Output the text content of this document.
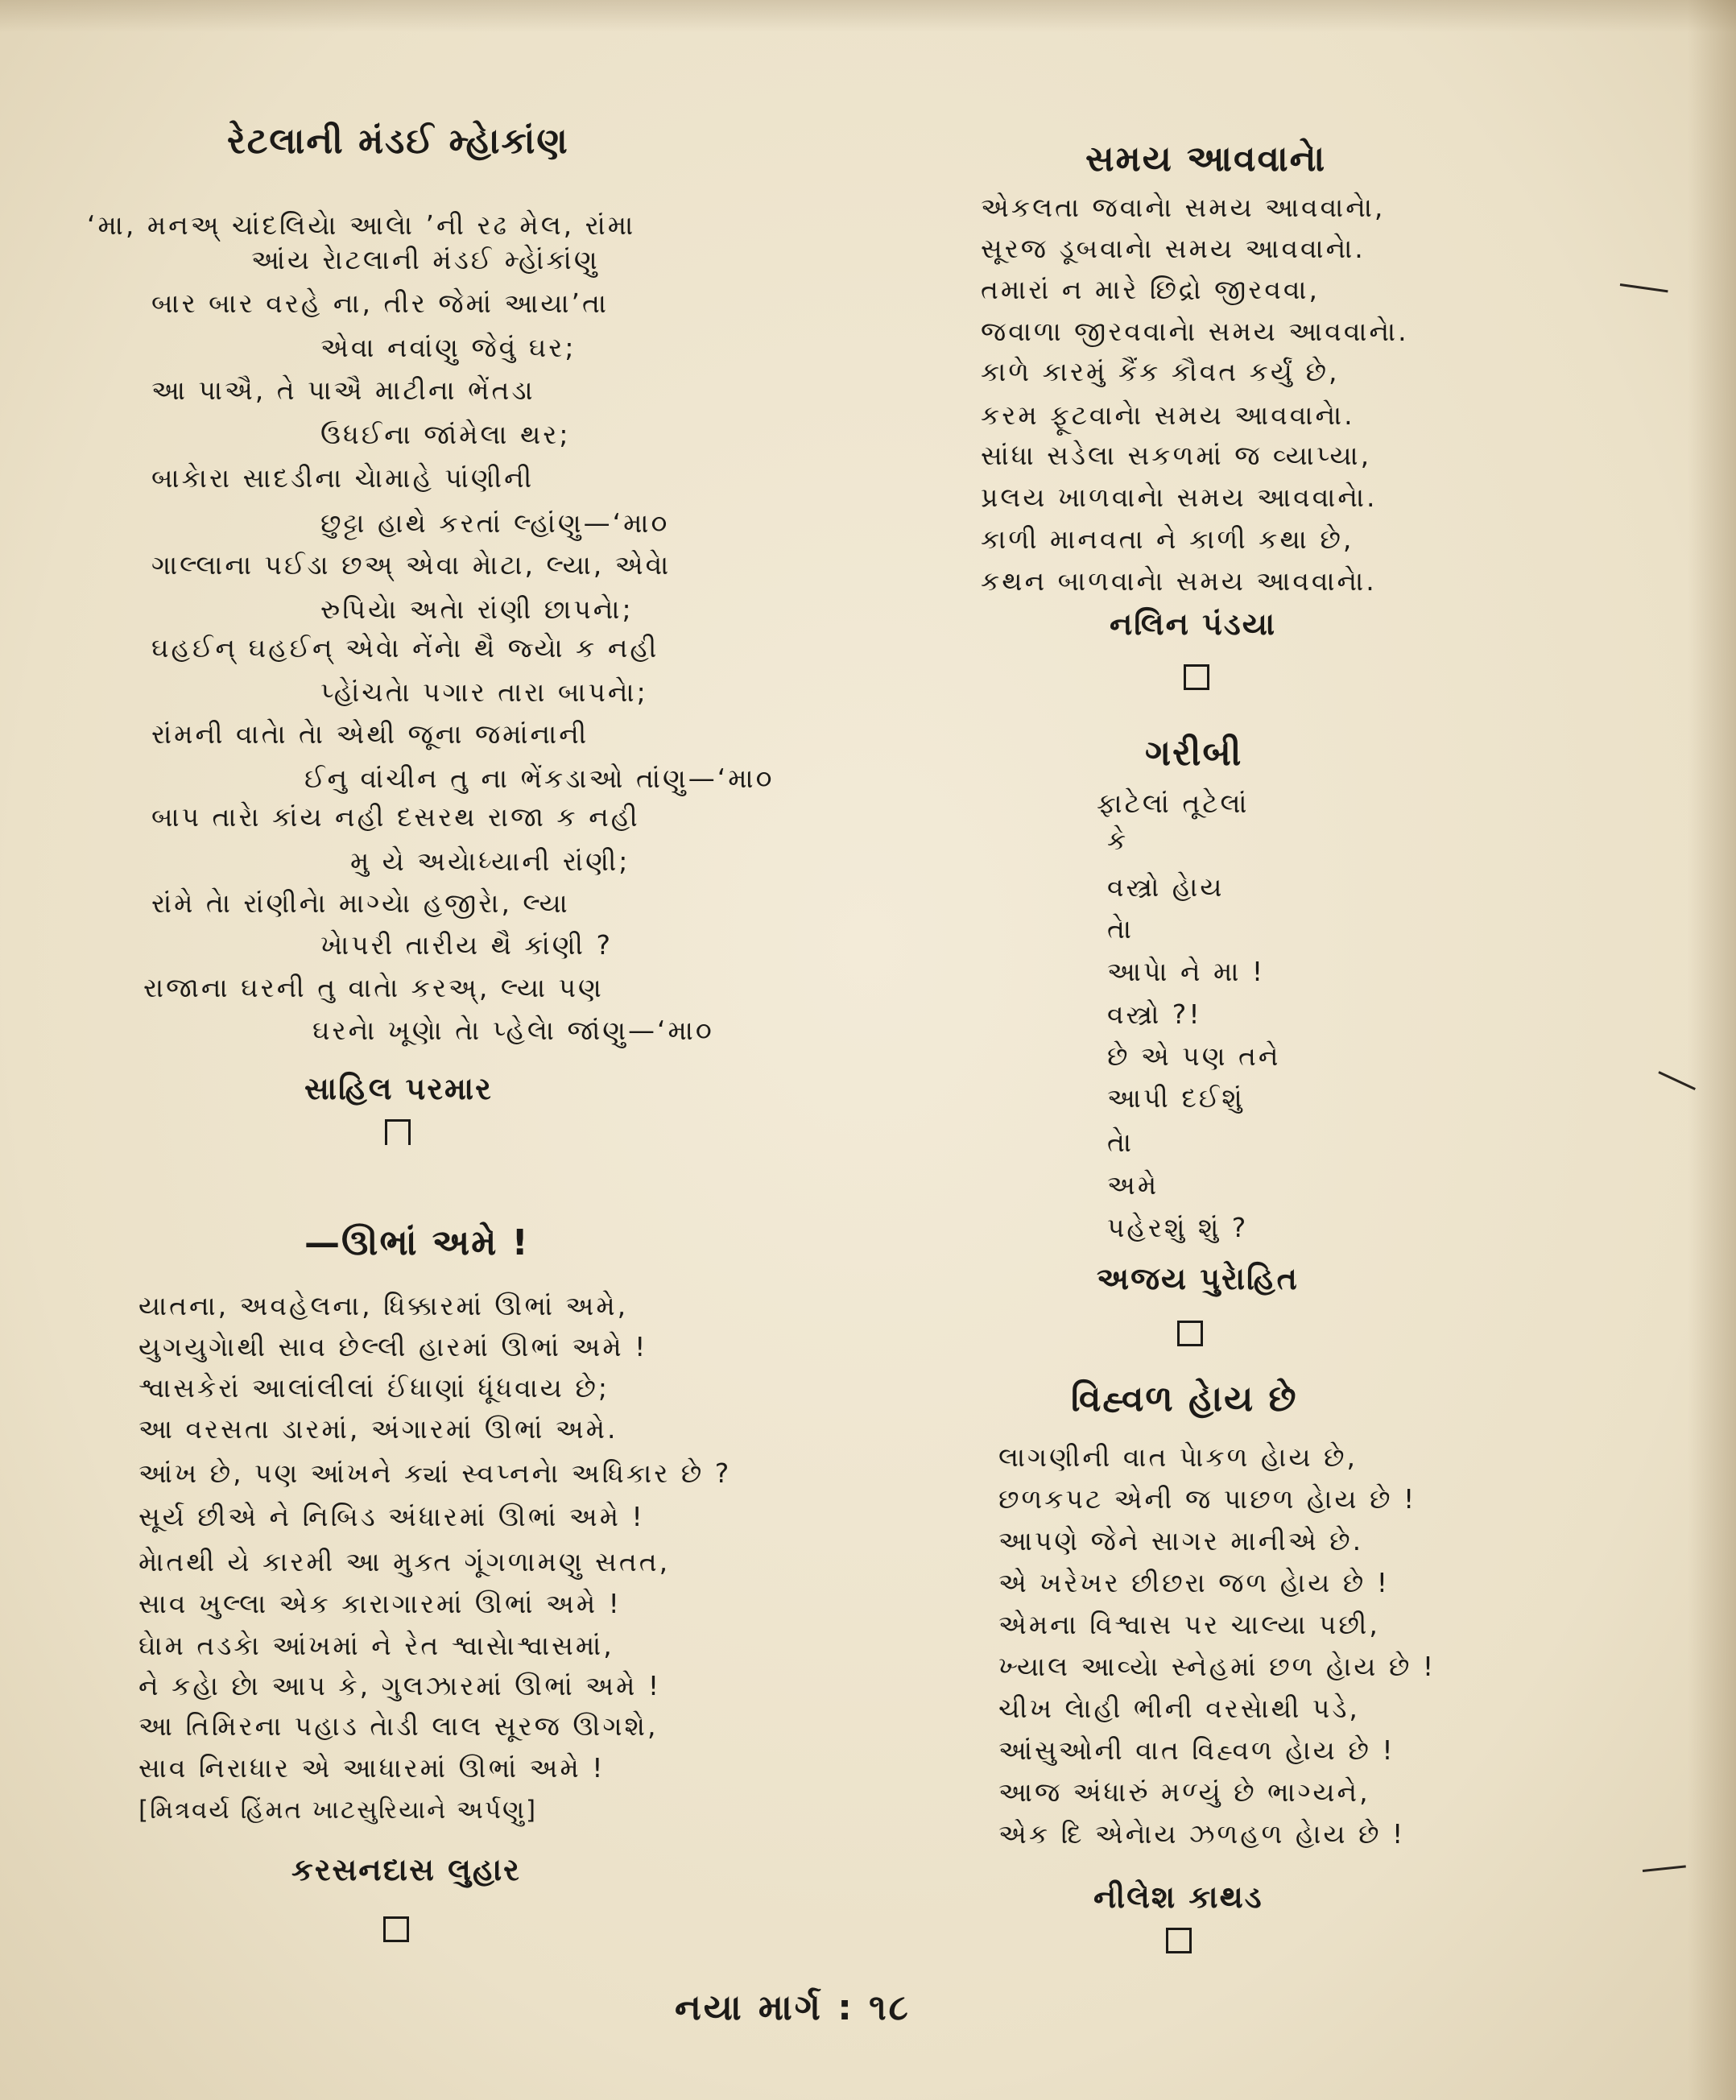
રેટલાની મંડઈ મ્હેાકાંણ
‘મા, મનઅ્ ચાંદલિયેા આલેા ’ની રઢ મેલ, રાંમા
આંય રેાટલાની મંડઈ મ્હેાંકાંણુ
બાર બાર વરહે ના, તીર જેમાં આયા’તા
એવા નવાંણુ જેવું ઘર;
આ પાઐ, તે પાઐ માટીના ભેંતડા
ઉધઈના જાંમેલા થર;
બાકેારા સાદડીના ચેામાહે પાંણીની
છુટ્ટા હાથે કરતાં લ્હાંણુ—‘મા૦
ગાલ્લાના પઈડા છઅ્ એવા મેાટા, લ્યા, એવેા
રુપિયેા અતેા રાંણી છાપનેા;
ઘહઈન્ ઘહઈન્ એવેા નેંનેા થૈ જ્યેા ક નહી
પ્હેાંચતેા પગાર તારા બાપનેા;
રાંમની વાતેા તેા એથી જૂના જમાંનાની
ઈનુ વાંચીન તુ ના ભેંકડાઓ તાંણુ—‘મા૦
બાપ તારેા કાંય નહી દસરથ રાજા ક નહી
મુ યે અયેાધ્યાની રાંણી;
રાંમે તેા રાંણીનેા માગ્યેા હજીરેા, લ્યા
ખેાપરી તારીય થૈ કાંણી ?
રાજાના ઘરની તુ વાતેા કરઅ્, લ્યા પણ
ઘરનેા ખૂણેા તેા પ્હેલેા જાંણુ—‘મા૦
સાહિલ પરમાર
—ઊભાં અમે !
યાતના, અવહેલના, ધિક્કારમાં ઊભાં અમે,
યુગયુગેાથી સાવ છેલ્લી હારમાં ઊભાં અમે !
શ્વાસકેરાં આલાંલીલાં ઈંધાણાં ધૂંધવાય છે;
આ વરસતા ડારમાં, અંગારમાં ઊભાં અમે.
આંખ છે, પણ આંખને ક્યાં સ્વપ્નનેા અધિકાર છે ?
સૂર્ય છીએ ને નિબિડ અંધારમાં ઊભાં અમે !
મેાતથી યે કારમી આ મુક્ત ગૂંગળામણુ સતત,
સાવ ખુલ્લા એક કારાગારમાં ઊભાં અમે !
ઘેામ તડકેા આંખમાં ને રેત શ્વાસેાશ્વાસમાં,
ને કહેા છેા આપ કે, ગુલઝારમાં ઊભાં અમે !
આ તિમિરના પહાડ તેાડી લાલ સૂરજ ઊગશે,
સાવ નિરાધાર એ આધારમાં ઊભાં અમે !
[મિત્રવર્ય હિંમત ખાટસુરિયાને અર્પણુ]
કરસનદાસ લુહાર
સમય આવવાનેા
એકલતા જવાનેા સમય આવવાનેા,
સૂરજ ડૂબવાનેા સમય આવવાનેા.
તમારાં ન મારે છિદ્રો જીરવવા,
જવાળા જીરવવાનેા સમય આવવાનેા.
કાળે કારમું કૈંક કૌવત કર્યું છે,
કરમ ફૂટવાનેા સમય આવવાનેા.
સાંધા સડેલા સકળમાં જ વ્યાપ્યા,
પ્રલય ખાળવાનેા સમય આવવાનેા.
કાળી માનવતા ને કાળી કથા છે,
કથન બાળવાનેા સમય આવવાનેા.
નલિન પંડયા
ગરીબી
ફાટેલાં તૂટેલાં
કે
વસ્ત્રો હેાય
તેા
આપેા ને મા !
વસ્ત્રો ?!
છે એ પણ તને
આપી દઈશું
તેા
અમે
પહેરશું શું ?
અજય પુરેાહિત
વિહ્વળ હેાય છે
લાગણીની વાત પેાકળ હેાય છે,
છળકપટ એની જ પાછળ હેાય છે !
આપણે જેને સાગર માનીએ છે.
એ ખરેખર છીછરા જળ હેાય છે !
એમના વિશ્વાસ પર ચાલ્યા પછી,
ખ્યાલ આવ્યેા સ્નેહમાં છળ હેાય છે !
ચીખ લેાહી ભીની વરસેાથી પડે,
આંસુઓની વાત વિહ્વળ હેાય છે !
આજ અંધારું મળ્યું છે ભાગ્યને,
એક દિ એનેાય ઝળહળ હેાય છે !
નીલેશ કાથડ
નયા માર્ગ : ૧૮
